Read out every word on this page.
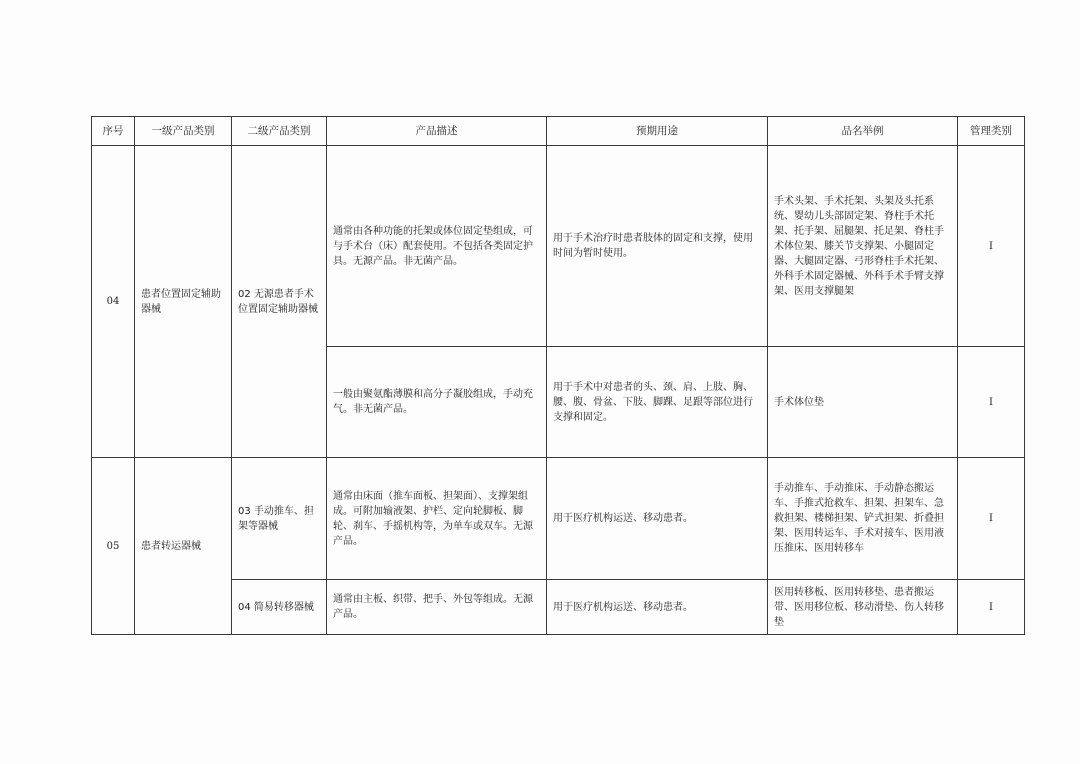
序号	一级产品类别	二级产品类别	产品描述	预期用途	品名举例	管理类别
04	患者位置固定辅助器械	02 无源患者手术位置固定辅助器械	通常由各种功能的托架或体位固定垫组成，可与手术台（床）配套使用。不包括各类固定护具。无源产品。非无菌产品。	用于手术治疗时患者肢体的固定和支撑，使用时间为暂时使用。	手术头架、手术托架、头架及头托系统、婴幼儿头部固定架、脊柱手术托架、托手架、屈腿架、托足架、脊柱手术体位架、膝关节支撑架、小腿固定器、大腿固定器、弓形脊柱手术托架、外科手术固定器械、外科手术手臂支撑架、医用支撑腿架	I
			一般由聚氨酯薄膜和高分子凝胶组成，手动充气。非无菌产品。	用于手术中对患者的头、颈、肩、上肢、胸、腰、腹、骨盆、下肢、脚踝、足跟等部位进行支撑和固定。	手术体位垫	I
05	患者转运器械	03 手动推车、担架等器械	通常由床面（推车面板、担架面）、支撑架组成。可附加输液架、护栏、定向轮脚板、脚轮、刹车、手摇机构等，为单车或双车。无源产品。	用于医疗机构运送、移动患者。	手动推车、手动推床、手动静态搬运车、手推式抢救车、担架、担架车、急救担架、楼梯担架、铲式担架、折叠担架、医用转运车、手术对接车、医用液压推床、医用转移车	I
		04 简易转移器械	通常由主板、织带、把手、外包等组成。无源产品。	用于医疗机构运送、移动患者。	医用转移板、医用转移垫、患者搬运带、医用移位板、移动滑垫、伤人转移垫	I
